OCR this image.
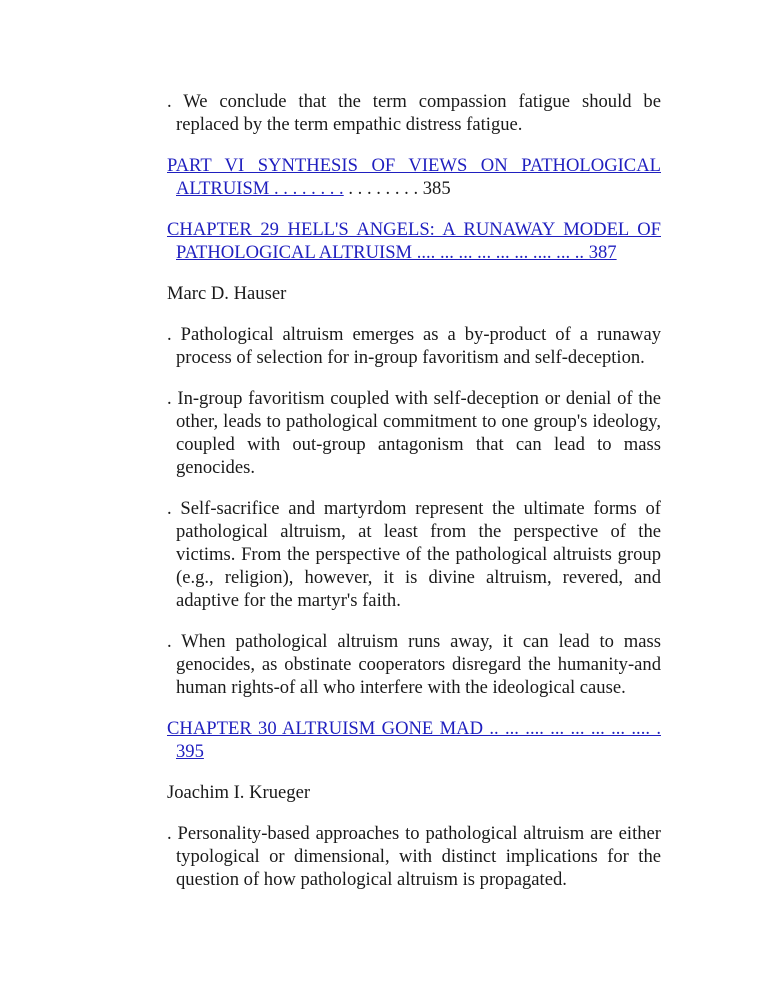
. We conclude that the term compassion fatigue should be replaced by the term empathic distress fatigue.

PART VI SYNTHESIS OF VIEWS ON PATHOLOGICAL ALTRUISM . . . . . . . . . . . . . . . . 385

CHAPTER 29 HELL'S ANGELS: A RUNAWAY MODEL OF PATHOLOGICAL ALTRUISM .... ... ... ... ... ... .... ... .. 387

Marc D. Hauser

. Pathological altruism emerges as a by-product of a runaway process of selection for in-group favoritism and self-deception.

. In-group favoritism coupled with self-deception or denial of the other, leads to pathological commitment to one group's ideology, coupled with out-group antagonism that can lead to mass genocides.

. Self-sacrifice and martyrdom represent the ultimate forms of pathological altruism, at least from the perspective of the victims. From the perspective of the pathological altruists group (e.g., religion), however, it is divine altruism, revered, and adaptive for the martyr's faith.

. When pathological altruism runs away, it can lead to mass genocides, as obstinate cooperators disregard the humanity-and human rights-of all who interfere with the ideological cause.

CHAPTER 30 ALTRUISM GONE MAD .. ... .... ... ... ... ... .... . 395

Joachim I. Krueger

. Personality-based approaches to pathological altruism are either typological or dimensional, with distinct implications for the question of how pathological altruism is propagated.
